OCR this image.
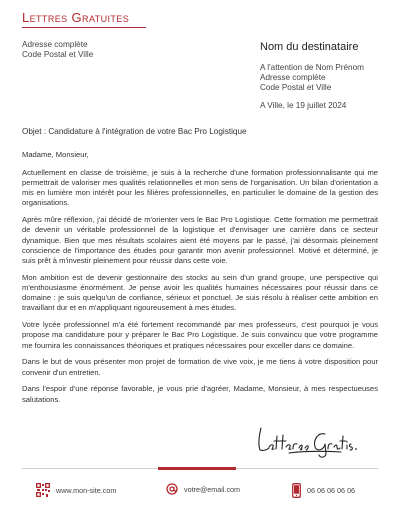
Lettres Gratuites
Adresse complète
Code Postal et Ville
Nom du destinataire
A l'attention de Nom Prénom
Adresse complète
Code Postal et Ville
A Ville, le 19 juillet 2024
Objet : Candidature à l'intégration de votre Bac Pro Logistique

Madame, Monsieur,

Actuellement en classe de troisième, je suis à la recherche d'une formation professionnalisante qui me permettrait de valoriser mes qualités relationnelles et mon sens de l'organisation. Un bilan d'orientation a mis en lumière mon intérêt pour les filières professionnelles, en particulier le domaine de la gestion des organisations.

Après mûre réflexion, j'ai décidé de m'orienter vers le Bac Pro Logistique. Cette formation me permettrait de devenir un véritable professionnel de la logistique et d'envisager une carrière dans ce secteur dynamique. Bien que mes résultats scolaires aient été moyens par le passé, j'ai désormais pleinement conscience de l'importance des études pour garantir mon avenir professionnel. Motivé et déterminé, je suis prêt à m'investir pleinement pour réussir dans cette voie.

Mon ambition est de devenir gestionnaire des stocks au sein d'un grand groupe, une perspective qui m'enthousiasme énormément. Je pense avoir les qualités humaines nécessaires pour réussir dans ce domaine : je suis quelqu'un de confiance, sérieux et ponctuel. Je suis résolu à réaliser cette ambition en travaillant dur et en m'appliquant rigoureusement à mes études.

Votre lycée professionnel m'a été fortement recommandé par mes professeurs, c'est pourquoi je vous propose ma candidature pour y préparer le Bac Pro Logistique. Je suis convaincu que votre programme me fournira les connaissances théoriques et pratiques nécessaires pour exceller dans ce domaine.

Dans le but de vous présenter mon projet de formation de vive voix, je me tiens à votre disposition pour convenir d'un entretien.

Dans l'espoir d'une réponse favorable, je vous prie d'agréer, Madame, Monsieur, à mes respectueuses salutations.

www.mon-site.com	votre@email.com	06 06 06 06 06
